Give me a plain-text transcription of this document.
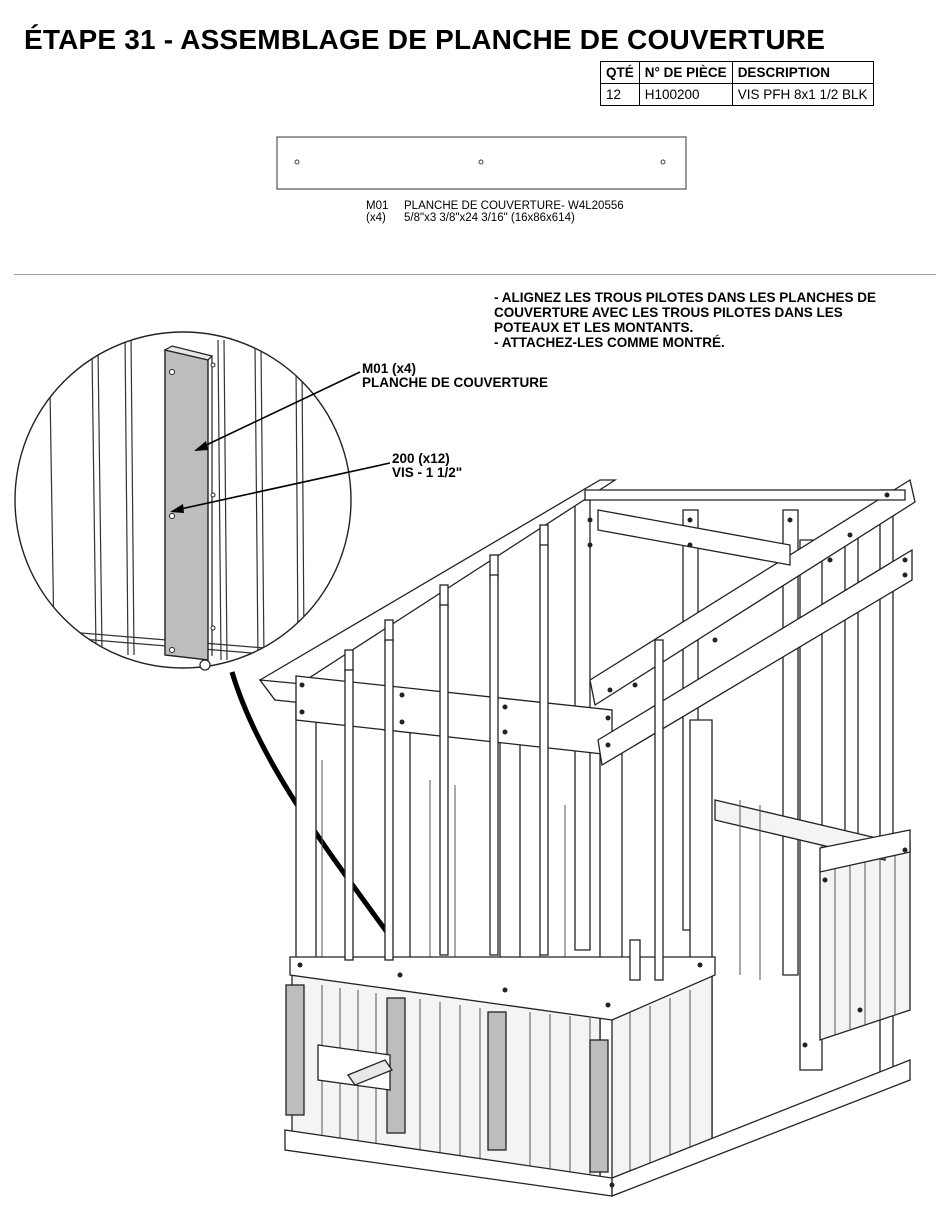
ÉTAPE 31 - ASSEMBLAGE DE PLANCHE DE COUVERTURE
QTÉ	N° DE PIÈCE	DESCRIPTION
12	H100200	VIS PFH 8x1 1/2 BLK
M01 PLANCHE DE COUVERTURE- W4L20556
(x4) 5/8"x3 3/8"x24 3/16" (16x86x614)
- ALIGNEZ LES TROUS PILOTES DANS LES PLANCHES DE
COUVERTURE AVEC LES TROUS PILOTES DANS LES
POTEAUX ET LES MONTANTS.
- ATTACHEZ-LES COMME MONTRÉ.
M01 (x4)
PLANCHE DE COUVERTURE
200 (x12)
VIS - 1 1/2"
